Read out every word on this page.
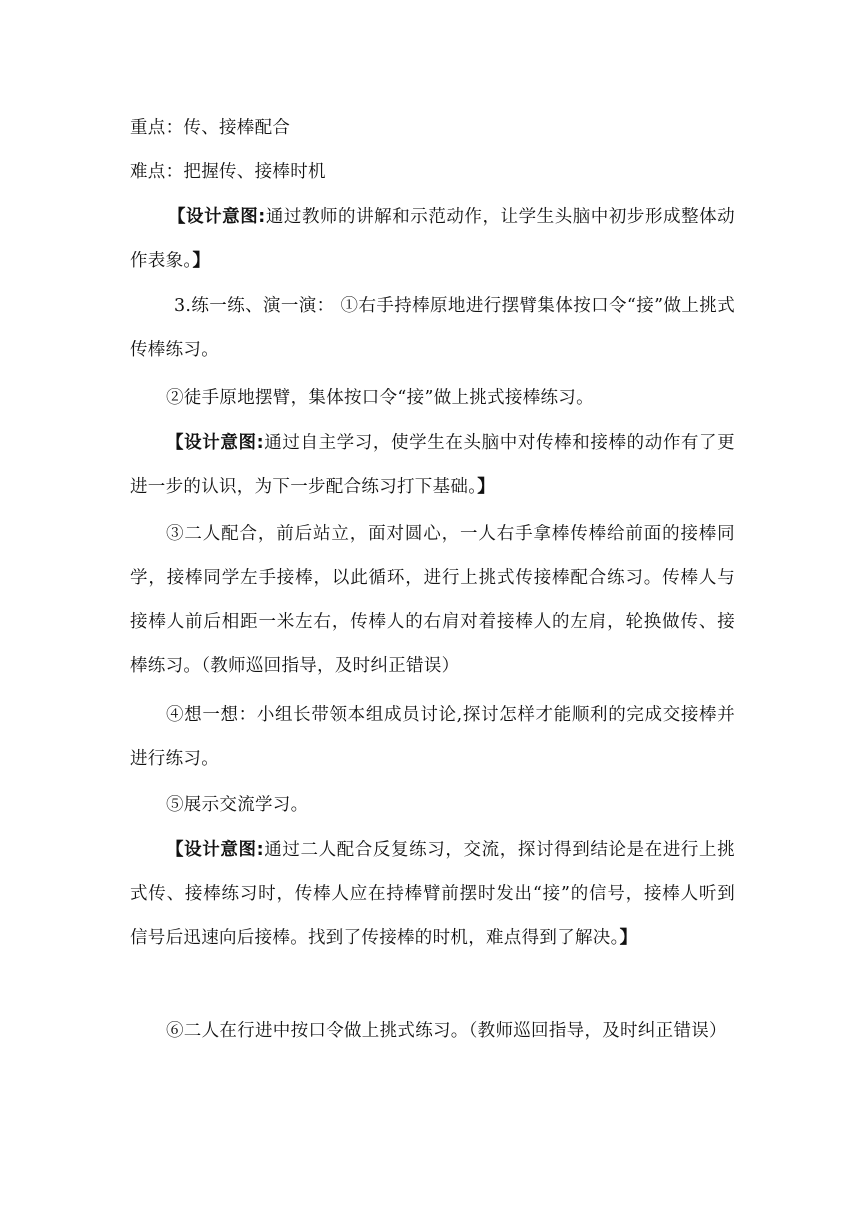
重点：传、接棒配合

难点：把握传、接棒时机

【设计意图:通过教师的讲解和示范动作，让学生头脑中初步形成整体动作表象。】

3.练一练、演一演： ①右手持棒原地进行摆臂集体按口令“接”做上挑式传棒练习。

②徒手原地摆臂，集体按口令“接”做上挑式接棒练习。

【设计意图:通过自主学习，使学生在头脑中对传棒和接棒的动作有了更进一步的认识，为下一步配合练习打下基础。】

③二人配合，前后站立，面对圆心，一人右手拿棒传棒给前面的接棒同学，接棒同学左手接棒，以此循环，进行上挑式传接棒配合练习。传棒人与接棒人前后相距一米左右，传棒人的右肩对着接棒人的左肩，轮换做传、接棒练习。（教师巡回指导，及时纠正错误）

④想一想：小组长带领本组成员讨论,探讨怎样才能顺利的完成交接棒并进行练习。

⑤展示交流学习。

【设计意图:通过二人配合反复练习，交流，探讨得到结论是在进行上挑式传、接棒练习时，传棒人应在持棒臂前摆时发出“接”的信号，接棒人听到信号后迅速向后接棒。找到了传接棒的时机，难点得到了解决。】

⑥二人在行进中按口令做上挑式练习。（教师巡回指导，及时纠正错误）
